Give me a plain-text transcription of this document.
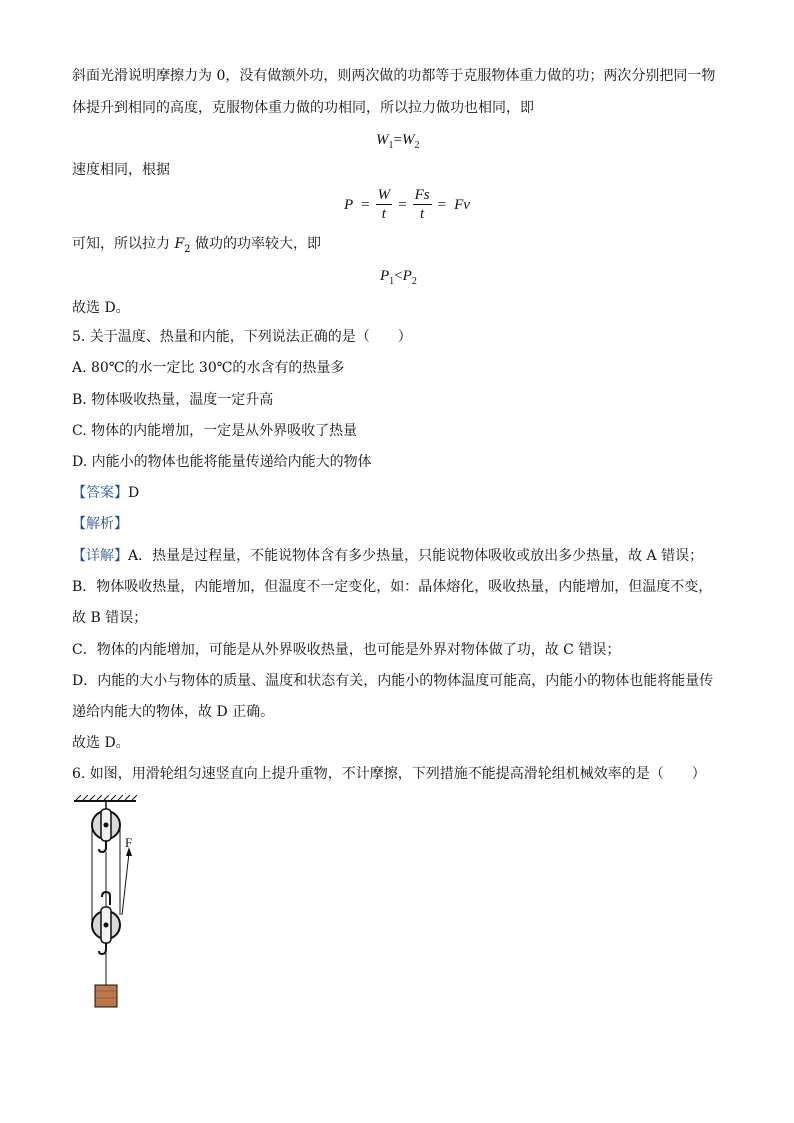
斜面光滑说明摩擦力为 0，没有做额外功，则两次做的功都等于克服物体重力做的功；两次分别把同一物
体提升到相同的高度，克服物体重力做的功相同，所以拉力做功也相同，即
$W_1=W_2$
速度相同，根据
$P = \frac{W}{t} = \frac{Fs}{t} = Fv$
可知，所以拉力 $F_2$ 做功的功率较大，即
$P_1<P_2$
故选 D。
5. 关于温度、热量和内能，下列说法正确的是（　　）
A. 80℃的水一定比 30℃的水含有的热量多
B. 物体吸收热量，温度一定升高
C. 物体的内能增加，一定是从外界吸收了热量
D. 内能小的物体也能将能量传递给内能大的物体
【答案】D
【解析】
【详解】A．热量是过程量，不能说物体含有多少热量，只能说物体吸收或放出多少热量，故 A 错误；
B．物体吸收热量，内能增加，但温度不一定变化，如：晶体熔化，吸收热量，内能增加，但温度不变，
故 B 错误；
C．物体的内能增加，可能是从外界吸收热量，也可能是外界对物体做了功，故 C 错误；
D．内能的大小与物体的质量、温度和状态有关，内能小的物体温度可能高，内能小的物体也能将能量传
递给内能大的物体，故 D 正确。
故选 D。
6. 如图，用滑轮组匀速竖直向上提升重物，不计摩擦，下列措施不能提高滑轮组机械效率的是（　　）
F
